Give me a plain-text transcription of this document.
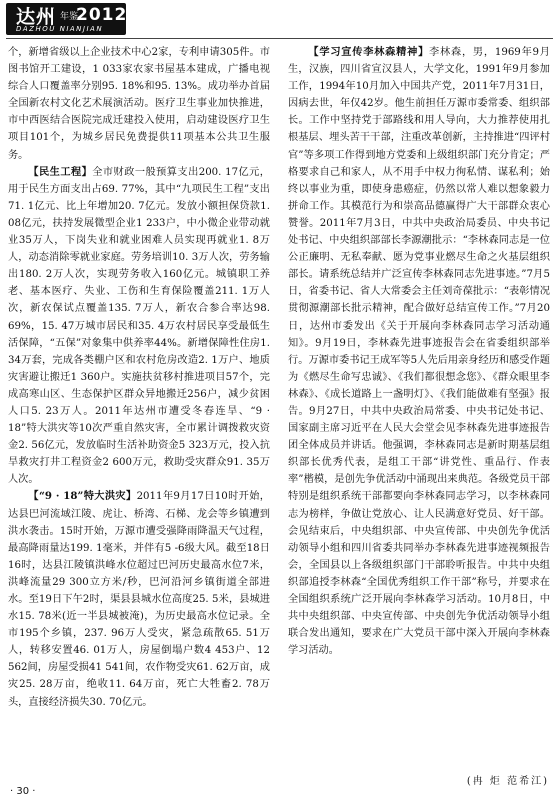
达州 年鉴
2012
DAZHOU NIANJIAN

个，新增省级以上企业技术中心2家，专利申请305件。市图书馆开工建设，1 033家农家书屋基本建成，广播电视综合人口覆盖率分别95. 18%和95. 13%。成功举办首届全国新农村文化艺术展演活动。医疗卫生事业加快推进，市中西医结合医院完成迁建投入使用，启动建设医疗卫生项目101个，为城乡居民免费提供11项基本公共卫生服务。

【民生工程】全市财政一般预算支出200. 17亿元，用于民生方面支出占69. 77%，其中“九项民生工程”支出71. 1亿元、比上年增加20. 7亿元。发放小额担保贷款1. 08亿元，扶持发展微型企业1 233户，中小微企业带动就业35万人，下岗失业和就业困难人员实现再就业1. 8万人，动态消除零就业家庭。劳务培训10. 3万人次，劳务输出180. 2万人次，实现劳务收入160亿元。城镇职工养老、基本医疗、失业、工伤和生育保险覆盖211. 1万人次，新农保试点覆盖135. 7万人，新农合参合率达98. 69%，15. 47万城市居民和35. 4万农村居民享受最低生活保障，“五保”对象集中供养率44%。新增保障性住房1. 34万套，完成各类棚户区和农村危房改造2. 1万户、地质灾害避让搬迁1 360户。实施扶贫移村推进项目57个，完成高寒山区、生态保护区群众异地搬迁256户，减少贫困人口5. 23万人。2011年达州市遭受冬春连旱、“9 · 18”特大洪灾等10次严重自然灾害，全市累计调拨救灾资金2. 56亿元，发放临时生活补助资金5 323万元，投入抗旱救灾打井工程资金2 600万元，救助受灾群众91. 35万人次。

【“9 · 18”特大洪灾】2011年9月17日10时开始，达县巴河流域江陵、虎让、桥湾、石梯、龙会等乡镇遭到洪水袭击。15时开始，万源市遭受强降雨降温天气过程，最高降雨量达199. 1毫米，并伴有5 -6级大风。截至18日16时，达县江陵镇洪峰水位超过巴河历史最高水位7米，洪峰流量29 300立方米/秒，巴河沿河乡镇街道全部进水。至19日下午2时，渠县县城水位高度25. 5米，县城进水15. 78米(近一半县城被淹)，为历史最高水位记录。全市195个乡镇，237. 96万人受灾，紧急疏散65. 51万人，转移安置46. 01万人，房屋倒塌户数4 453户、12 562间，房屋受损41 541间，农作物受灾61. 62万亩，成灾25. 28万亩，绝收11. 64万亩，死亡大牲畜2. 78万头，直接经济损失30. 70亿元。

【学习宣传李林森精神】李林森，男，1969年9月生，汉族，四川省宣汉县人，大学文化，1991年9月参加工作，1994年10月加入中国共产党，2011年7月31日，因病去世，年仅42岁。他生前担任万源市委常委、组织部长。工作中坚持党于部路线和用人导向，大力推荐使用扎根基层、埋头苦干干部，注重改革创新，主持推进“四评村官”等多项工作得到地方党委和上级组织部门充分肯定；严格要求自己和家人，从不用手中权力徇私情、谋私利；始终以事业为重，即使身患癌症，仍然以常人难以想象毅力拼命工作。其模范行为和崇高品德赢得广大干部群众衷心赞誉。2011年7月3日，中共中央政治局委员、中央书记处书记、中央组织部部长李源潮批示：“李林森同志是一位公正廉明、无私奉献、愿为党事业燃尽生命之火基层组织部长。请系统总结并广泛宣传李林森同志先进事迹。”7月5日，省委书记、省人大常委会主任刘奇葆批示：“表彰情况贯彻源潮部长批示精神，配合做好总结宣传工作。”7月20日，达州市委发出《关于开展向李林森同志学习活动通知》。9月19日，李林森先进事迹报告会在省委组织部举行。万源市委书记王成军等5人先后用亲身经历和感受作题为《燃尽生命写忠诚》、《我们都很想念您》、《群众眼里李林森》、《成长道路上一盏明灯》、《我们能做难有坚强》报告。9月27日，中共中央政治局常委、中央书记处书记、国家副主席习近平在人民大会堂会见李林森先进事迹报告团全体成员并讲话。他强调，李林森同志是新时期基层组织部长优秀代表，是组工干部“讲党性、重品行、作表率”楷模，是创先争优活动中涌现出来典范。各级党员干部特别是组织系统干部都要向李林森同志学习，以李林森同志为榜样，争做让党放心、让人民满意好党员、好干部。会见结束后，中央组织部、中央宣传部、中央创先争优活动领导小组和四川省委共同举办李林森先进事迹视频报告会，全国县以上各级组织部门干部聆听报告。中共中央组织部追授李林森“全国优秀组织工作干部”称号，并要求在全国组织系统广泛开展向李林森学习活动。10月8日，中共中央组织部、中央宣传部、中央创先争优活动领导小组联合发出通知，要求在广大党员干部中深入开展向李林森学习活动。

(冉 炬 范希江)
· 30 ·
